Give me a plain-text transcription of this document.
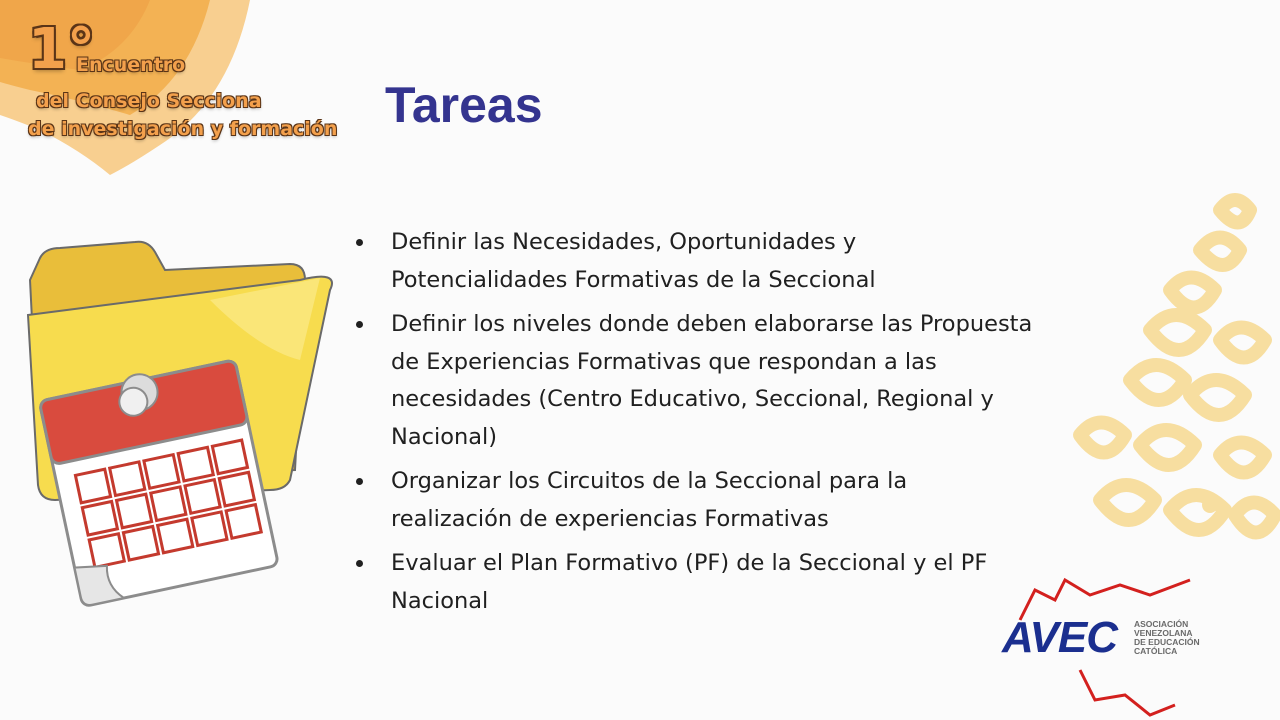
1°
Encuentro
del Consejo Secciona
de investigación y formación Tareas
Definir las Necesidades, Oportunidades y Potencialidades Formativas de la Seccional
Definir los niveles donde deben elaborarse las Propuesta de Experiencias Formativas que respondan a las necesidades (Centro Educativo, Seccional, Regional y Nacional)
Organizar los Circuitos de la Seccional para la realización de experiencias Formativas
Evaluar el Plan Formativo (PF) de la Seccional y el PF Nacional
AVEC ASOCIACIÓN
VENEZOLANA
DE EDUCACIÓN
CATÓLICA
